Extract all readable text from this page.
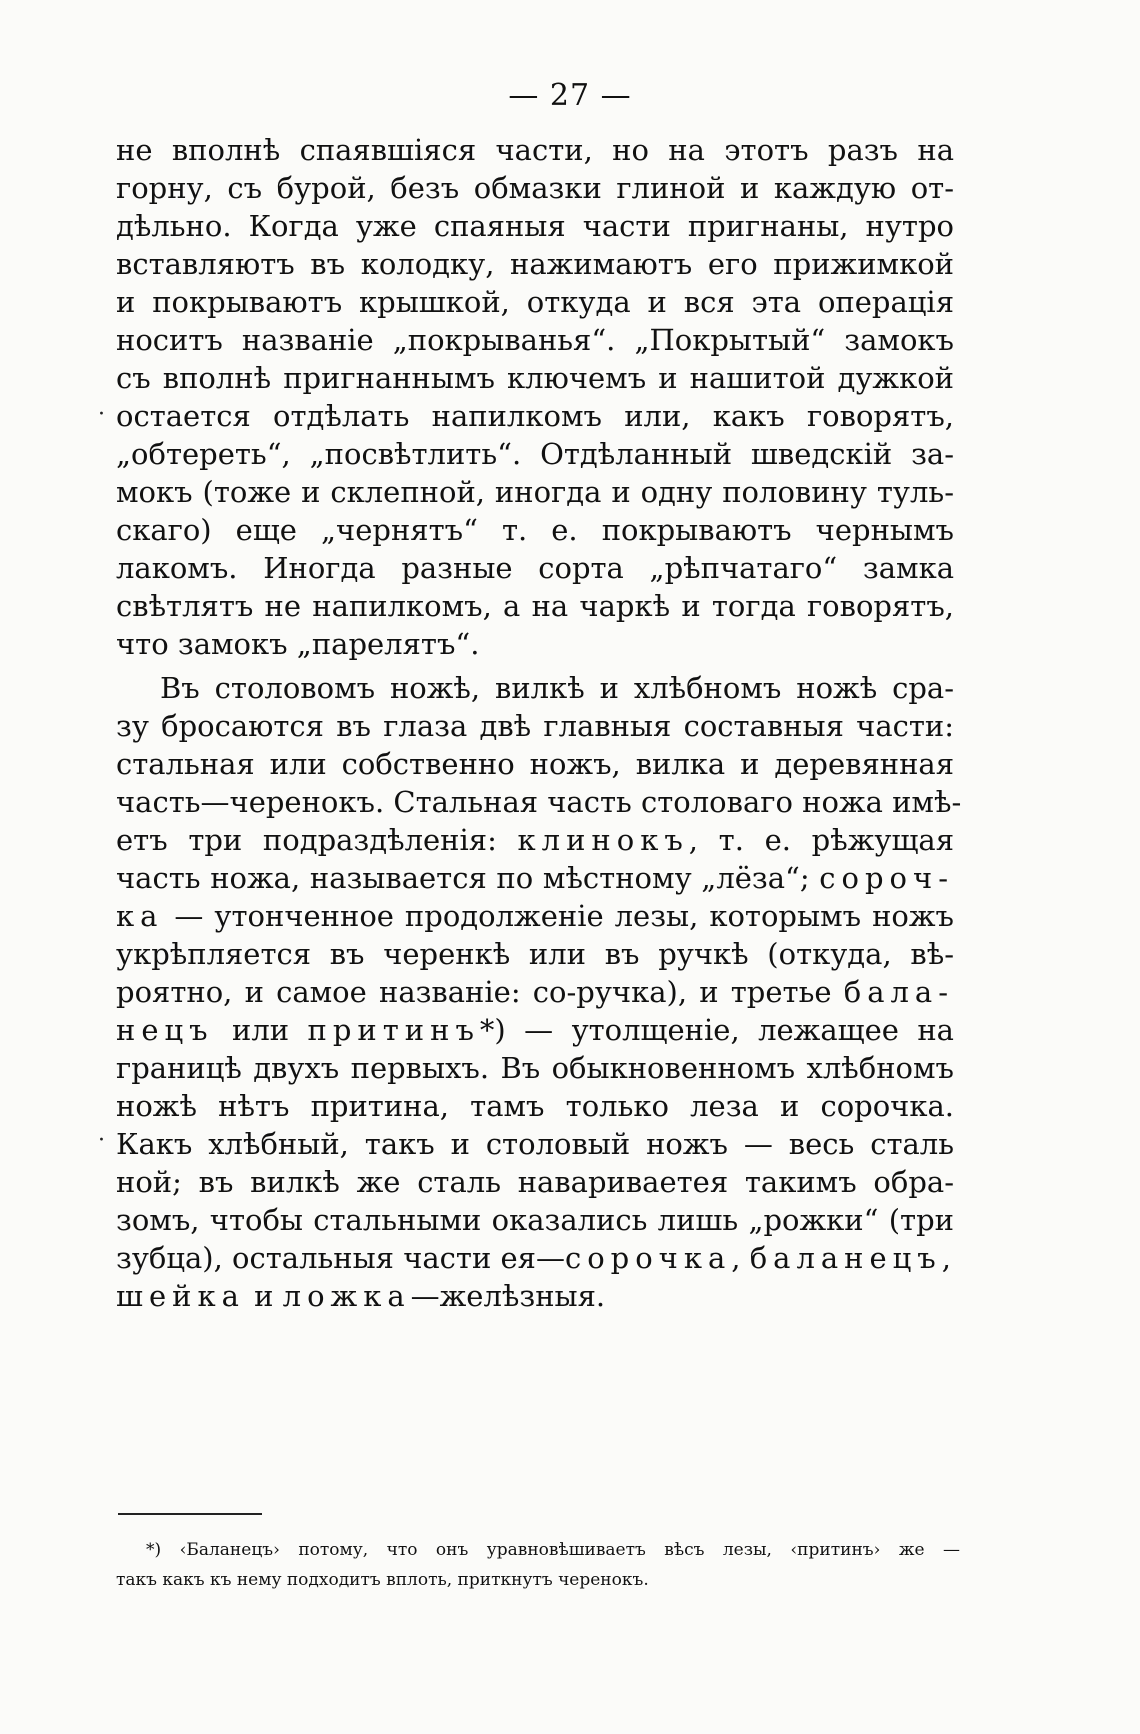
— 27 —
не вполнѣ спаявшіяся части, но на этотъ разъ на
горну, съ бурой, безъ обмазки глиной и каждую от-
дѣльно. Когда уже спаяныя части пригнаны, нутро
вставляютъ въ колодку, нажимаютъ его прижимкой
и покрываютъ крышкой, откуда и вся эта операція
носитъ названіе „покрыванья“. „Покрытый“ замокъ
съ вполнѣ пригнаннымъ ключемъ и нашитой дужкой
остается отдѣлать напилкомъ или, какъ говорятъ,
„обтереть“, „посвѣтлить“. Отдѣланный шведскій за-
мокъ (тоже и склепной, иногда и одну половину туль-
скаго) еще „чернятъ“ т. е. покрываютъ чернымъ
лакомъ. Иногда разные сорта „рѣпчатаго“ замка
свѣтлятъ не напилкомъ, а на чаркѣ и тогда говорятъ,
что замокъ „парелятъ“.
Въ столовомъ ножѣ, вилкѣ и хлѣбномъ ножѣ сра-
зу бросаются въ глаза двѣ главныя составныя части:
стальная или собственно ножъ, вилка и деревянная
часть—черенокъ. Стальная часть столоваго ножа имѣ-
етъ три подраздѣленія: клинокъ, т. е. рѣжущая
часть ножа, называется по мѣстному „лёза“; сороч-
ка — утонченное продолженіе лезы, которымъ ножъ
укрѣпляется въ черенкѣ или въ ручкѣ (откуда, вѣ-
роятно, и самое названіе: со-ручка), и третье бала-
нецъ или притинъ*) — утолщеніе, лежащее на
границѣ двухъ первыхъ. Въ обыкновенномъ хлѣбномъ
ножѣ нѣтъ притина, тамъ только леза и сорочка.
Какъ хлѣбный, такъ и столовый ножъ — весь сталь
ной; въ вилкѣ же сталь навариваетея такимъ обра-
зомъ, чтобы стальными оказались лишь „рожки“ (три
зубца), остальныя части ея—сорочка, баланецъ,
шейка и ложка—желѣзныя.
·
·
*) ‹Баланецъ› потому, что онъ уравновѣшиваетъ вѣсъ лезы, ‹притинъ› же —
такъ какъ къ нему подходитъ вплоть, приткнутъ черенокъ.
